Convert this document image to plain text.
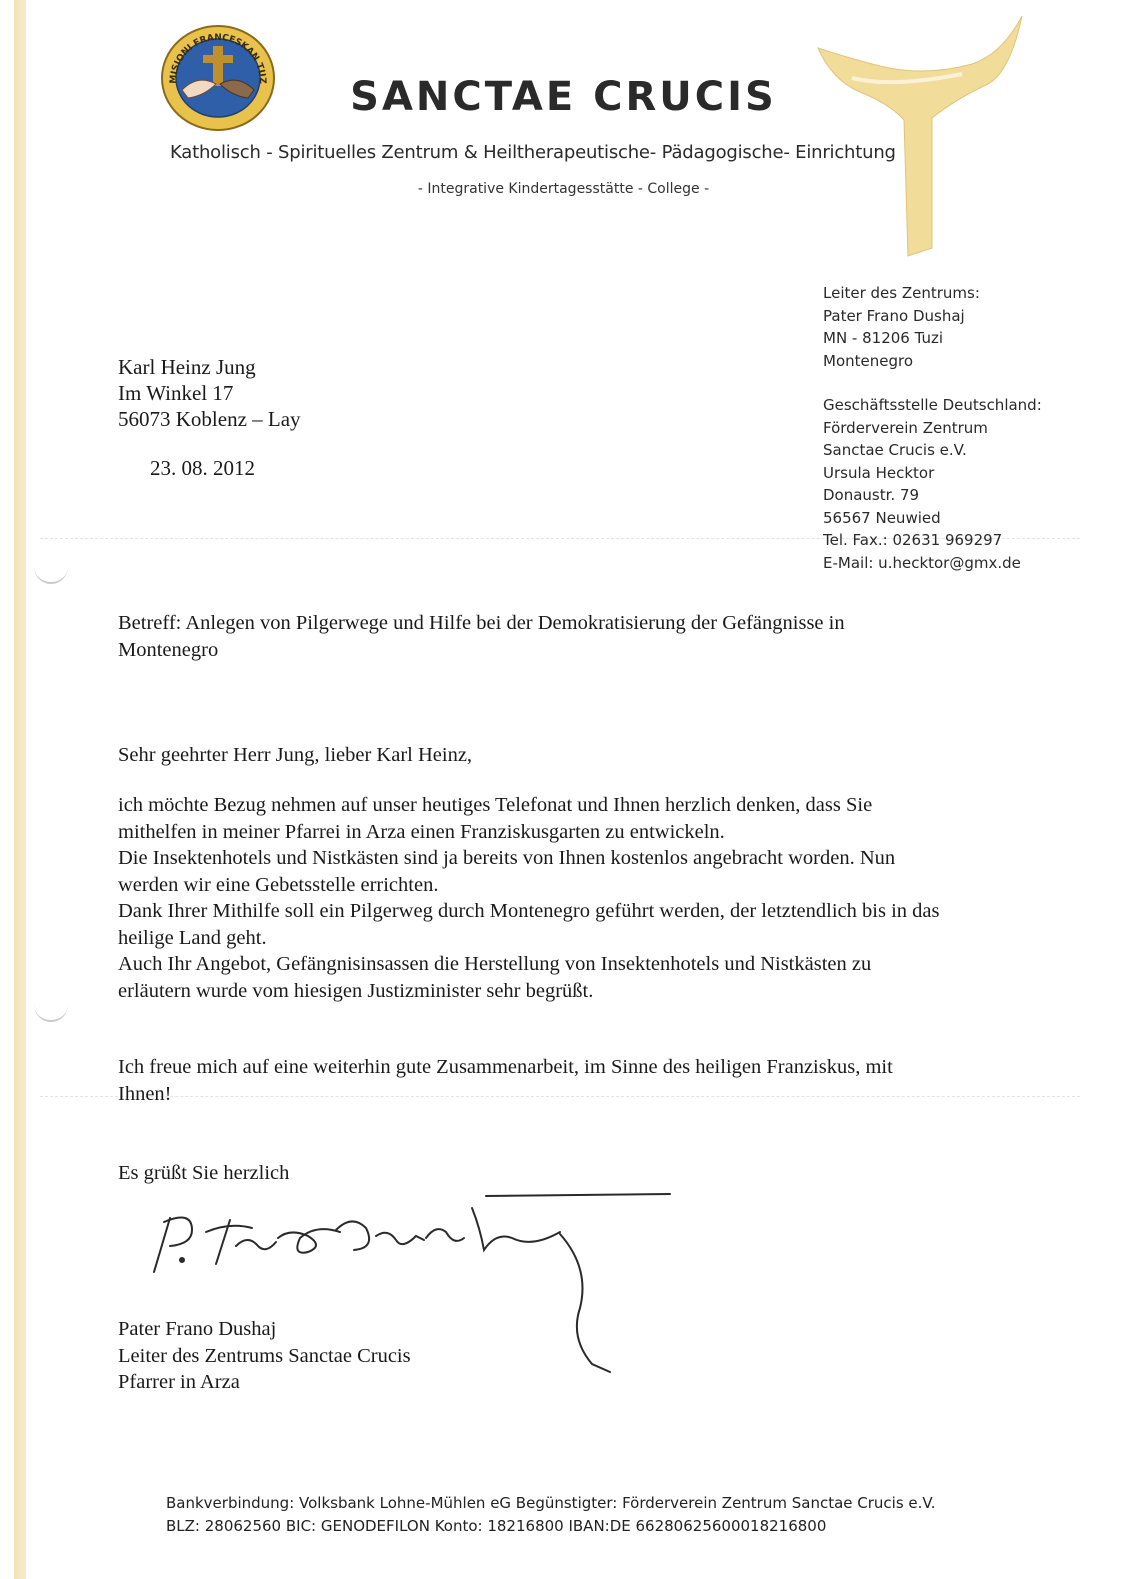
MISIONI FRANCESKAN TUZ	SANCTAE CRUCIS

Katholisch - Spirituelles Zentrum & Heiltherapeutische- Pädagogische- Einrichtung

- Integrative Kindertagesstätte - College -

Leiter des Zentrums:
Pater Frano Dushaj
MN - 81206 Tuzi
Montenegro
Geschäftsstelle Deutschland:
Förderverein Zentrum
Sanctae Crucis e.V.
Ursula Hecktor
Donaustr. 79
56567 Neuwied
Tel. Fax.: 02631 969297
E-Mail: u.hecktor@gmx.de
Karl Heinz Jung
Im Winkel 17
56073 Koblenz – Lay

23. 08. 2012

Betreff: Anlegen von Pilgerwege und Hilfe bei der Demokratisierung der Gefängnisse in
Montenegro
Sehr geehrter Herr Jung, lieber Karl Heinz,
ich möchte Bezug nehmen auf unser heutiges Telefonat und Ihnen herzlich denken, dass Sie
mithelfen in meiner Pfarrei in Arza einen Franziskusgarten zu entwickeln.
Die Insektenhotels und Nistkästen sind ja bereits von Ihnen kostenlos angebracht worden. Nun
werden wir eine Gebetsstelle errichten.
Dank Ihrer Mithilfe soll ein Pilgerweg durch Montenegro geführt werden, der letztendlich bis in das
heilige Land geht.
Auch Ihr Angebot, Gefängnisinsassen die Herstellung von Insektenhotels und Nistkästen zu
erläutern wurde vom hiesigen Justizminister sehr begrüßt.
Ich freue mich auf eine weiterhin gute Zusammenarbeit, im Sinne des heiligen Franziskus, mit
Ihnen!
Es grüßt Sie herzlich
Pater Frano Dushaj
Leiter des Zentrums Sanctae Crucis
Pfarrer in Arza
Bankverbindung: Volksbank Lohne-Mühlen eG Begünstigter: Förderverein Zentrum Sanctae Crucis e.V.
BLZ: 28062560 BIC: GENODEFILON Konto: 18216800 IBAN:DE 66280625600018216800
